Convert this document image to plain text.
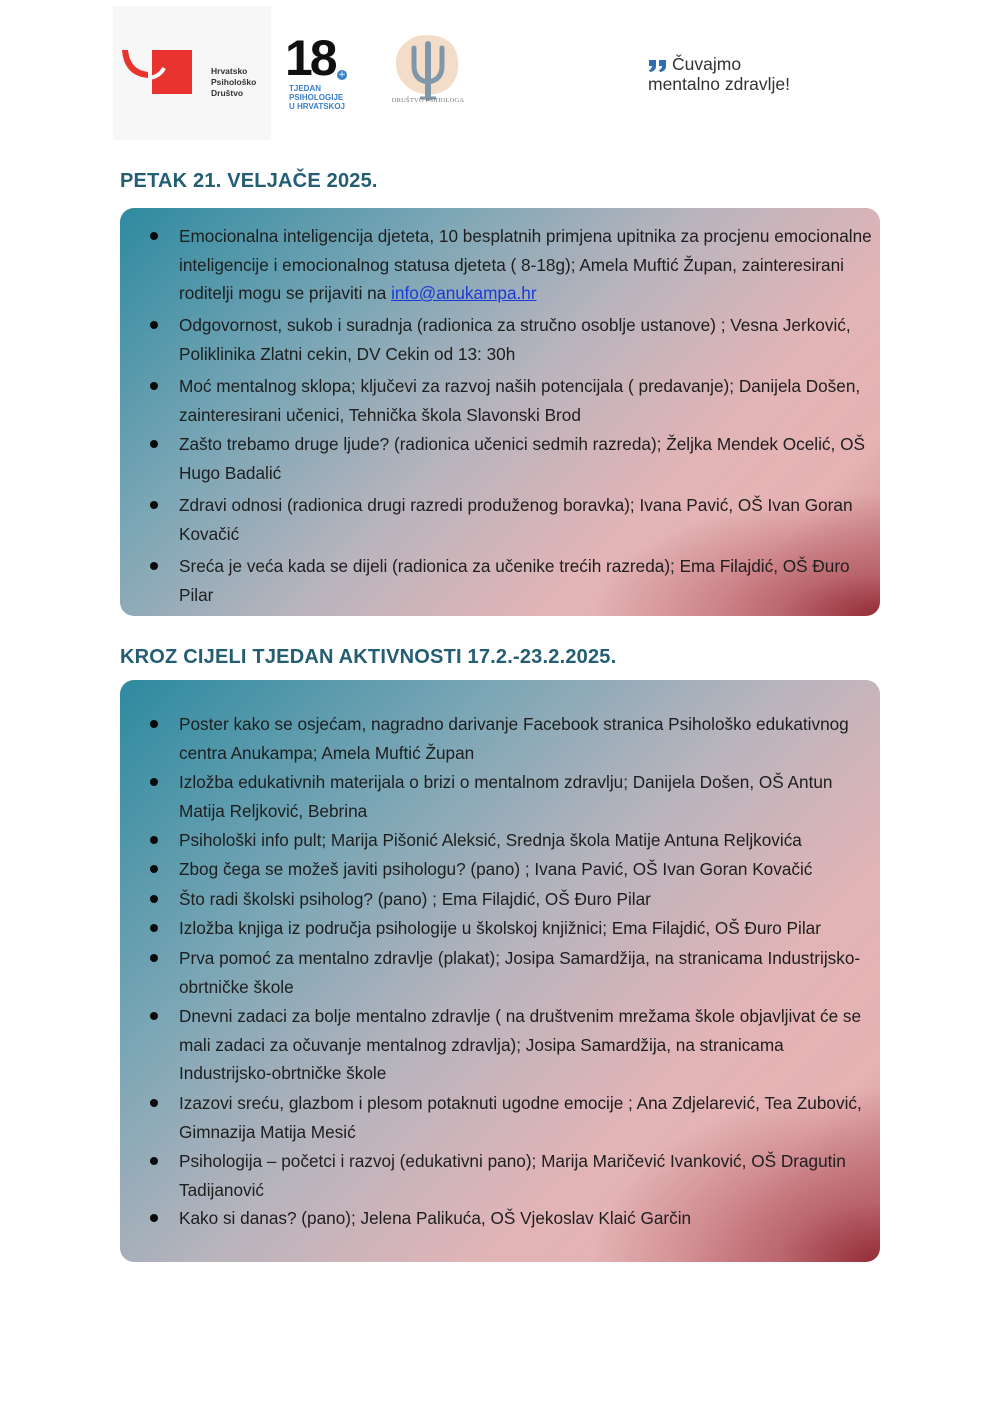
Hrvatsko
Psihološko
Društvo
18 +
TJEDAN
PSIHOLOGIJE
U HRVATSKOJ
DRUŠTVO PSIHOLOGA
Čuvajmo
mentalno zdravlje!
PETAK 21. VELJAČE 2025.
Emocionalna inteligencija djeteta, 10 besplatnih primjena upitnika za procjenu emocionalne inteligencije i emocionalnog statusa djeteta ( 8-18g); Amela Muftić Župan, zainteresirani roditelji mogu se prijaviti na info@anukampa.hr
Odgovornost, sukob i suradnja (radionica za stručno osoblje ustanove) ; Vesna Jerković, Poliklinika Zlatni cekin, DV Cekin od 13: 30h
Moć mentalnog sklopa; ključevi za razvoj naših potencijala ( predavanje); Danijela Došen, zainteresirani učenici, Tehnička škola Slavonski Brod
Zašto trebamo druge ljude? (radionica učenici sedmih razreda); Željka Mendek Ocelić, OŠ Hugo Badalić
Zdravi odnosi (radionica drugi razredi produženog boravka); Ivana Pavić, OŠ Ivan Goran Kovačić
Sreća je veća kada se dijeli (radionica za učenike trećih razreda); Ema Filajdić, OŠ Đuro Pilar
KROZ CIJELI TJEDAN AKTIVNOSTI 17.2.-23.2.2025.
Poster kako se osjećam, nagradno darivanje Facebook stranica Psihološko edukativnog centra Anukampa; Amela Muftić Župan
Izložba edukativnih materijala o brizi o mentalnom zdravlju; Danijela Došen, OŠ Antun Matija Reljković, Bebrina
Psihološki info pult; Marija Pišonić Aleksić, Srednja škola Matije Antuna Reljkovića
Zbog čega se možeš javiti psihologu? (pano) ; Ivana Pavić, OŠ Ivan Goran Kovačić
Što radi školski psiholog? (pano) ; Ema Filajdić, OŠ Đuro Pilar
Izložba knjiga iz područja psihologije u školskoj knjižnici; Ema Filajdić, OŠ Đuro Pilar
Prva pomoć za mentalno zdravlje (plakat); Josipa Samardžija, na stranicama Industrijsko-obrtničke škole
Dnevni zadaci za bolje mentalno zdravlje ( na društvenim mrežama škole objavljivat će se mali zadaci za očuvanje mentalnog zdravlja); Josipa Samardžija, na stranicama Industrijsko-obrtničke škole
Izazovi sreću, glazbom i plesom potaknuti ugodne emocije ; Ana Zdjelarević, Tea Zubović, Gimnazija Matija Mesić
Psihologija – početci i razvoj (edukativni pano); Marija Maričević Ivanković, OŠ Dragutin Tadijanović
Kako si danas? (pano); Jelena Palikuća, OŠ Vjekoslav Klaić Garčin
